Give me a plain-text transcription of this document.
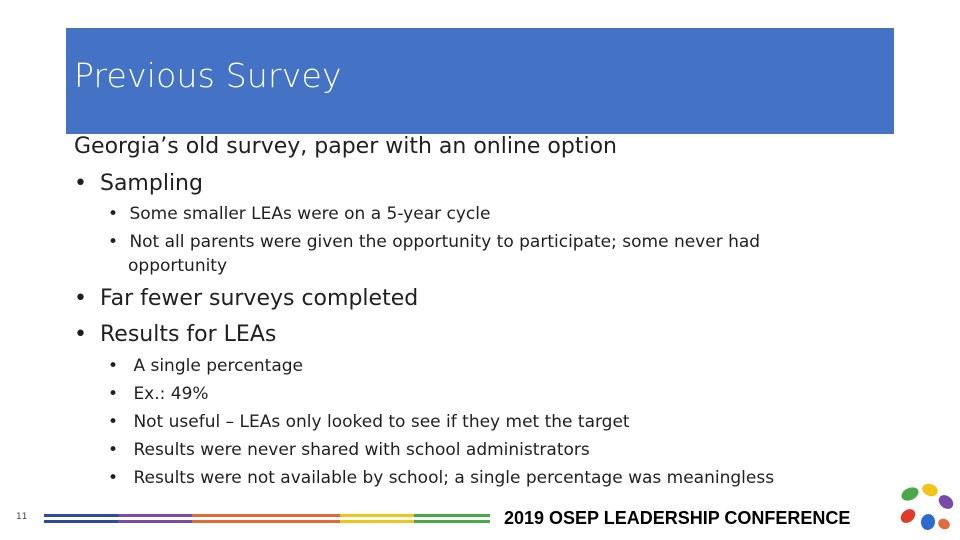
Previous Survey
Georgia’s old survey, paper with an online option
• Sampling
• Some smaller LEAs were on a 5-year cycle
• Not all parents were given the opportunity to participate; some never had
opportunity
• Far fewer surveys completed
• Results for LEAs
• A single percentage
• Ex.: 49%
• Not useful – LEAs only looked to see if they met the target
• Results were never shared with school administrators
• Results were not available by school; a single percentage was meaningless
11	2019 OSEP LEADERSHIP CONFERENCE
